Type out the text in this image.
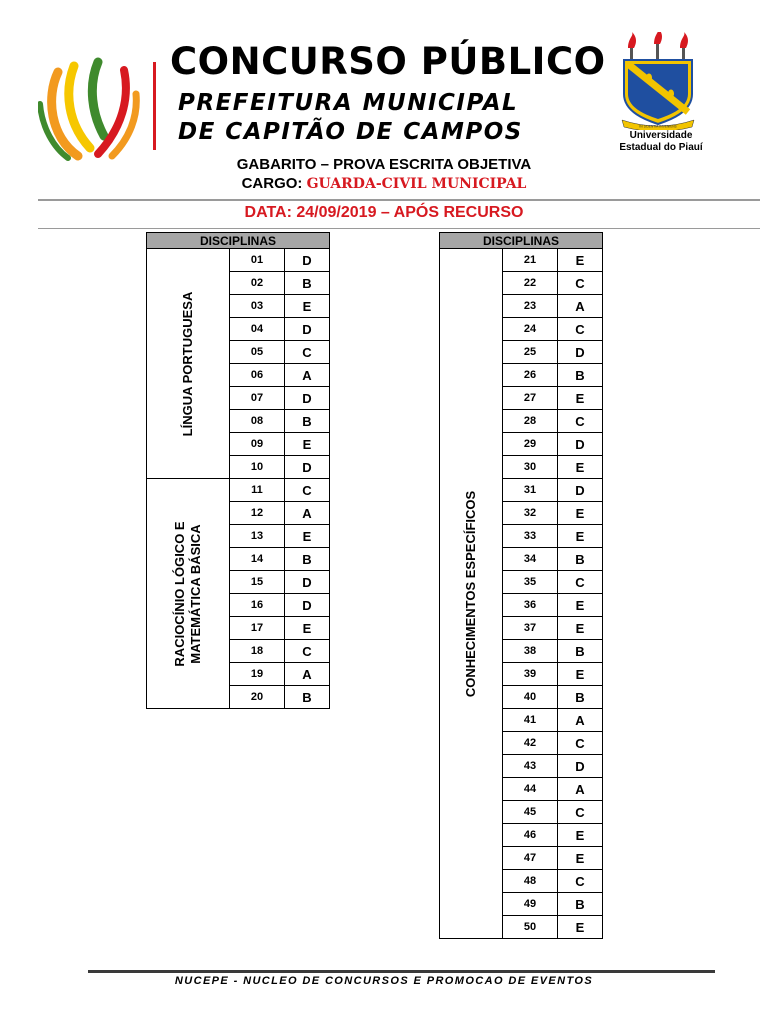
CONCURSO PÚBLICO
PREFEITURA MUNICIPAL
DE CAPITÃO DE CAMPOS	IN SCIENTIA INVENIENS
Universidade
Estadual do Piauí
GABARITO – PROVA ESCRITA OBJETIVA
CARGO: GUARDA-CIVIL MUNICIPAL
DATA: 24/09/2019 – APÓS RECURSO
DISCIPLINAS		

LÍNGUA PORTUGUESA	01	D
	02	B
	03	E
	04	D
	05	C
	06	A
	07	D
	08	B
	09	E
	10	D

RACIOCÍNIO LÓGICO E MATEMÁTICA BÁSICA	11	C
	12	A
	13	E
	14	B
	15	D
	16	D
	17	E
	18	C
	19	A
	20	B
DISCIPLINAS		

CONHECIMENTOS ESPECÍFICOS	21	E
	22	C
	23	A
	24	C
	25	D
	26	B
	27	E
	28	C
	29	D
	30	E
	31	D
	32	E
	33	E
	34	B
	35	C
	36	E
	37	E
	38	B
	39	E
	40	B
	41	A
	42	C
	43	D
	44	A
	45	C
	46	E
	47	E
	48	C
	49	B
	50	E
NUCEPE - NUCLEO DE CONCURSOS E PROMOCAO DE EVENTOS
